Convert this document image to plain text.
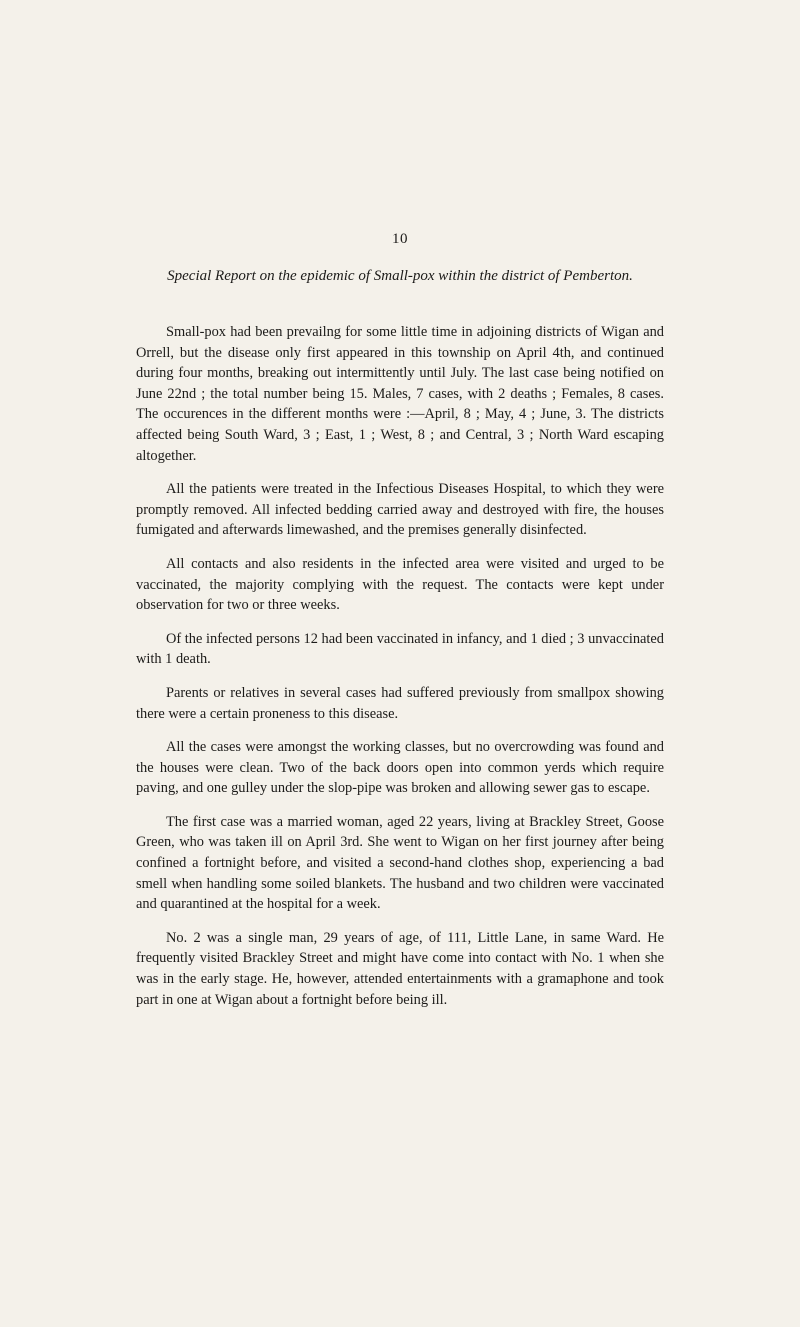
10
Special Report on the epidemic of Small-pox within the district of Pemberton.

Small-pox had been prevailng for some little time in adjoining districts of Wigan and Orrell, but the disease only first appeared in this township on April 4th, and continued during four months, breaking out intermittently until July. The last case being notified on June 22nd ; the total number being 15. Males, 7 cases, with 2 deaths ; Females, 8 cases. The occurences in the different months were :—April, 8 ; May, 4 ; June, 3. The districts affected being South Ward, 3 ; East, 1 ; West, 8 ; and Central, 3 ; North Ward escaping altogether.

All the patients were treated in the Infectious Diseases Hospital, to which they were promptly removed. All infected bedding carried away and destroyed with fire, the houses fumigated and afterwards limewashed, and the premises generally disinfected.

All contacts and also residents in the infected area were visited and urged to be vaccinated, the majority complying with the request. The contacts were kept under observation for two or three weeks.

Of the infected persons 12 had been vaccinated in infancy, and 1 died ; 3 unvaccinated with 1 death.

Parents or relatives in several cases had suffered previously from smallpox showing there were a certain proneness to this disease.

All the cases were amongst the working classes, but no overcrowding was found and the houses were clean. Two of the back doors open into common yerds which require paving, and one gulley under the slop-pipe was broken and allowing sewer gas to escape.

The first case was a married woman, aged 22 years, living at Brackley Street, Goose Green, who was taken ill on April 3rd. She went to Wigan on her first journey after being confined a fortnight before, and visited a second-hand clothes shop, experiencing a bad smell when handling some soiled blankets. The husband and two children were vaccinated and quarantined at the hospital for a week.

No. 2 was a single man, 29 years of age, of 111, Little Lane, in same Ward. He frequently visited Brackley Street and might have come into contact with No. 1 when she was in the early stage. He, however, attended entertainments with a gramaphone and took part in one at Wigan about a fortnight before being ill.
